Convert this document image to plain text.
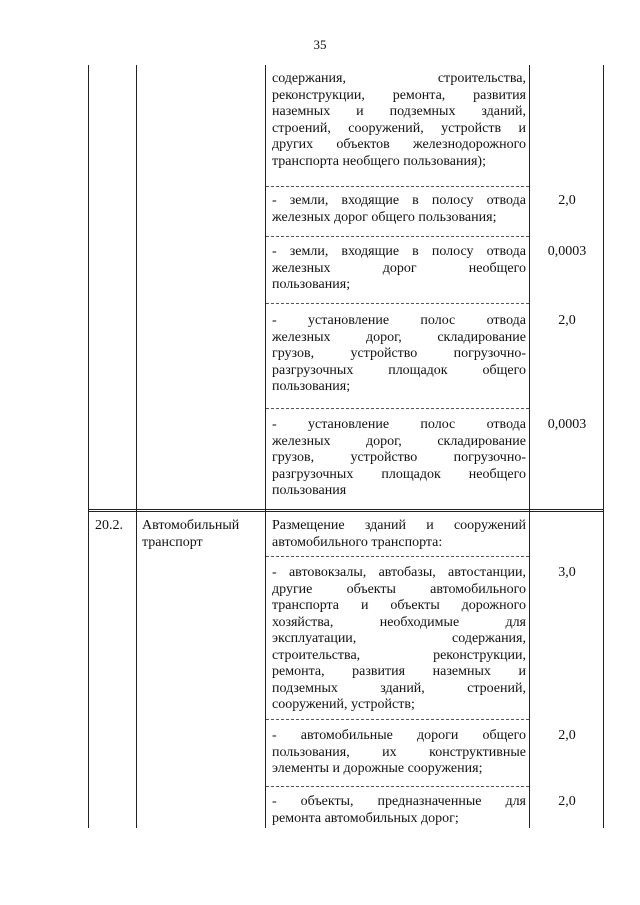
35
содержания, строительства,
реконструкции, ремонта, развития
наземных и подземных зданий,
строений, сооружений, устройств и
других объектов железнодорожного
транспорта необщего пользования);
- земли, входящие в полосу отвода
железных дорог общего пользования;
2,0
- земли, входящие в полосу отвода
железных дорог необщего
пользования;
0,0003
- установление полос отвода
железных дорог, складирование
грузов, устройство погрузочно-
разгрузочных площадок общего
пользования;
2,0
- установление полос отвода
железных дорог, складирование
грузов, устройство погрузочно-
разгрузочных площадок необщего
пользования
0,0003
20.2. Автомобильный
транспорт
Размещение зданий и сооружений
автомобильного транспорта:
- автовокзалы, автобазы, автостанции,
другие объекты автомобильного
транспорта и объекты дорожного
хозяйства, необходимые для
эксплуатации, содержания,
строительства, реконструкции,
ремонта, развития наземных и
подземных зданий, строений,
сооружений, устройств;
3,0
- автомобильные дороги общего
пользования, их конструктивные
элементы и дорожные сооружения;
2,0
- объекты, предназначенные для
ремонта автомобильных дорог;
2,0
